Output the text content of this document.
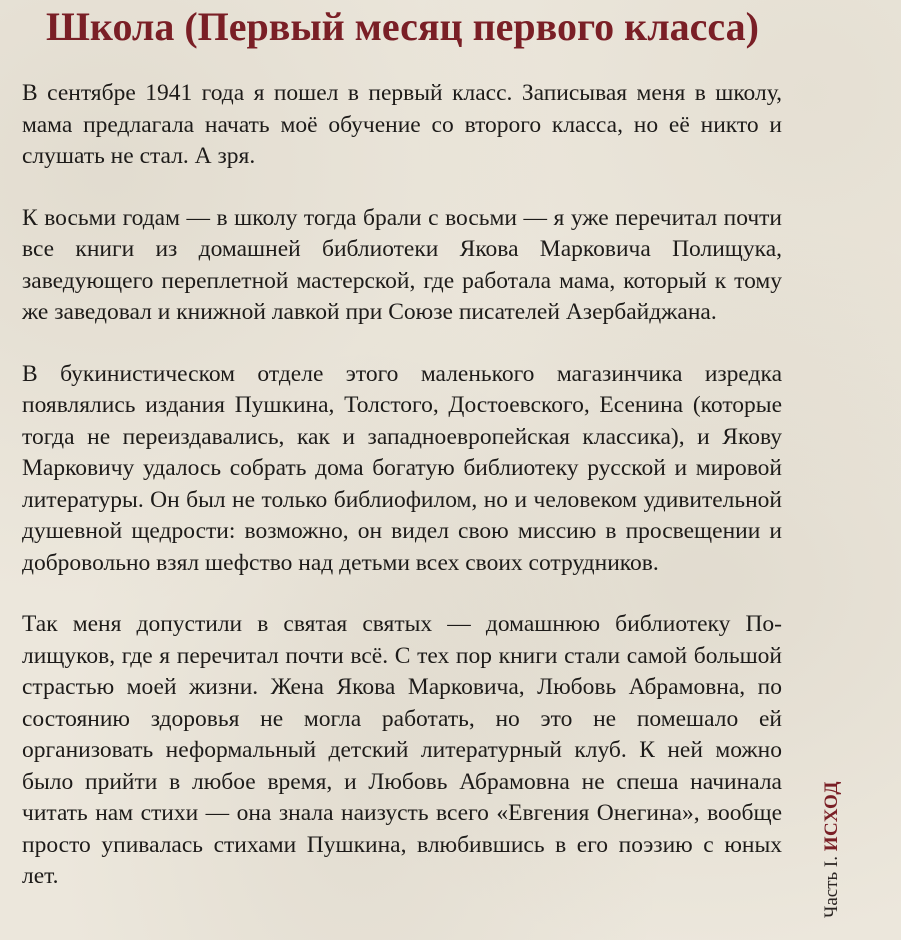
Школа (Первый месяц первого класса)

В сентябре 1941 года я пошел в первый класс. Записывая меня в школу, мама предлагала начать моё обучение со второго класса, но её никто и слушать не стал. А зря.

К восьми годам — в школу тогда брали с восьми — я уже перечитал почти все книги из домашней библиотеки Якова Марковича Полищука, заведующего переплетной мастерской, где работала мама, который к тому же заведовал и книжной лавкой при Союзе писателей Азербайджана.

В букинистическом отделе этого маленького магазинчика изредка появлялись издания Пушкина, Толстого, Достоевского, Есенина (которые тогда не переиздавались, как и западноевропейская классика), и Якову Марковичу удалось собрать дома богатую библиотеку русской и мировой литературы. Он был не только библиофилом, но и человеком удивительной душевной щедрости: возможно, он видел свою миссию в просвещении и добровольно взял шефство над детьми всех своих сотрудников.

Так меня допустили в святая святых — домашнюю библиотеку Полищуков, где я перечитал почти всё. С тех пор книги стали самой большой страстью моей жизни. Жена Якова Марковича, Любовь Абрамовна, по состоянию здоровья не могла работать, но это не помешало ей организовать неформальный детский литературный клуб. К ней можно было прийти в любое время, и Любовь Абрамовна не спеша начинала читать нам стихи — она знала наизусть всего «Евгения Онегина», вообще просто упивалась стихами Пушкина, влюбившись в его поэзию с юных лет.	Часть I. ИСХОД
